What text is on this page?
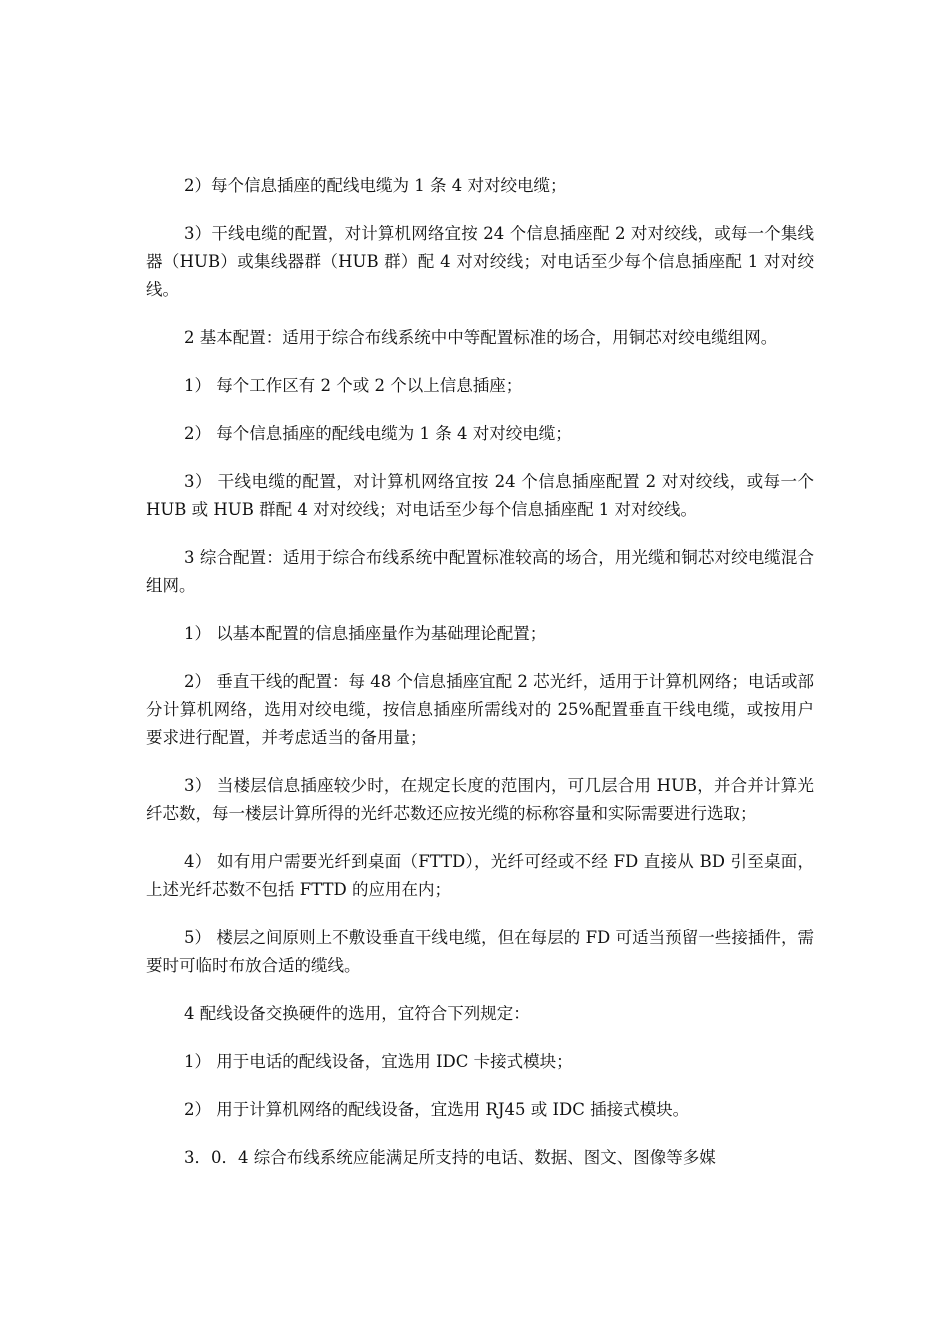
2）每个信息插座的配线电缆为 1 条 4 对对绞电缆；

3）干线电缆的配置，对计算机网络宜按 24 个信息插座配 2 对对绞线，或每一个集线器（HUB）或集线器群（HUB 群）配 4 对对绞线；对电话至少每个信息插座配 1 对对绞线。

2 基本配置：适用于综合布线系统中中等配置标准的场合，用铜芯对绞电缆组网。

1） 每个工作区有 2 个或 2 个以上信息插座；

2） 每个信息插座的配线电缆为 1 条 4 对对绞电缆；

3） 干线电缆的配置，对计算机网络宜按 24 个信息插座配置 2 对对绞线，或每一个 HUB 或 HUB 群配 4 对对绞线；对电话至少每个信息插座配 1 对对绞线。

3 综合配置：适用于综合布线系统中配置标准较高的场合，用光缆和铜芯对绞电缆混合组网。

1） 以基本配置的信息插座量作为基础理论配置；

2） 垂直干线的配置：每 48 个信息插座宜配 2 芯光纤，适用于计算机网络；电话或部分计算机网络，选用对绞电缆，按信息插座所需线对的 25%配置垂直干线电缆，或按用户要求进行配置，并考虑适当的备用量；

3） 当楼层信息插座较少时，在规定长度的范围内，可几层合用 HUB，并合并计算光纤芯数，每一楼层计算所得的光纤芯数还应按光缆的标称容量和实际需要进行选取；

4） 如有用户需要光纤到桌面（FTTD），光纤可经或不经 FD 直接从 BD 引至桌面，上述光纤芯数不包括 FTTD 的应用在内；

5） 楼层之间原则上不敷设垂直干线电缆，但在每层的 FD 可适当预留一些接插件，需要时可临时布放合适的缆线。

4 配线设备交换硬件的选用，宜符合下列规定：

1） 用于电话的配线设备，宜选用 IDC 卡接式模块；

2） 用于计算机网络的配线设备，宜选用 RJ45 或 IDC 插接式模块。

3．0．4 综合布线系统应能满足所支持的电话、数据、图文、图像等多媒
